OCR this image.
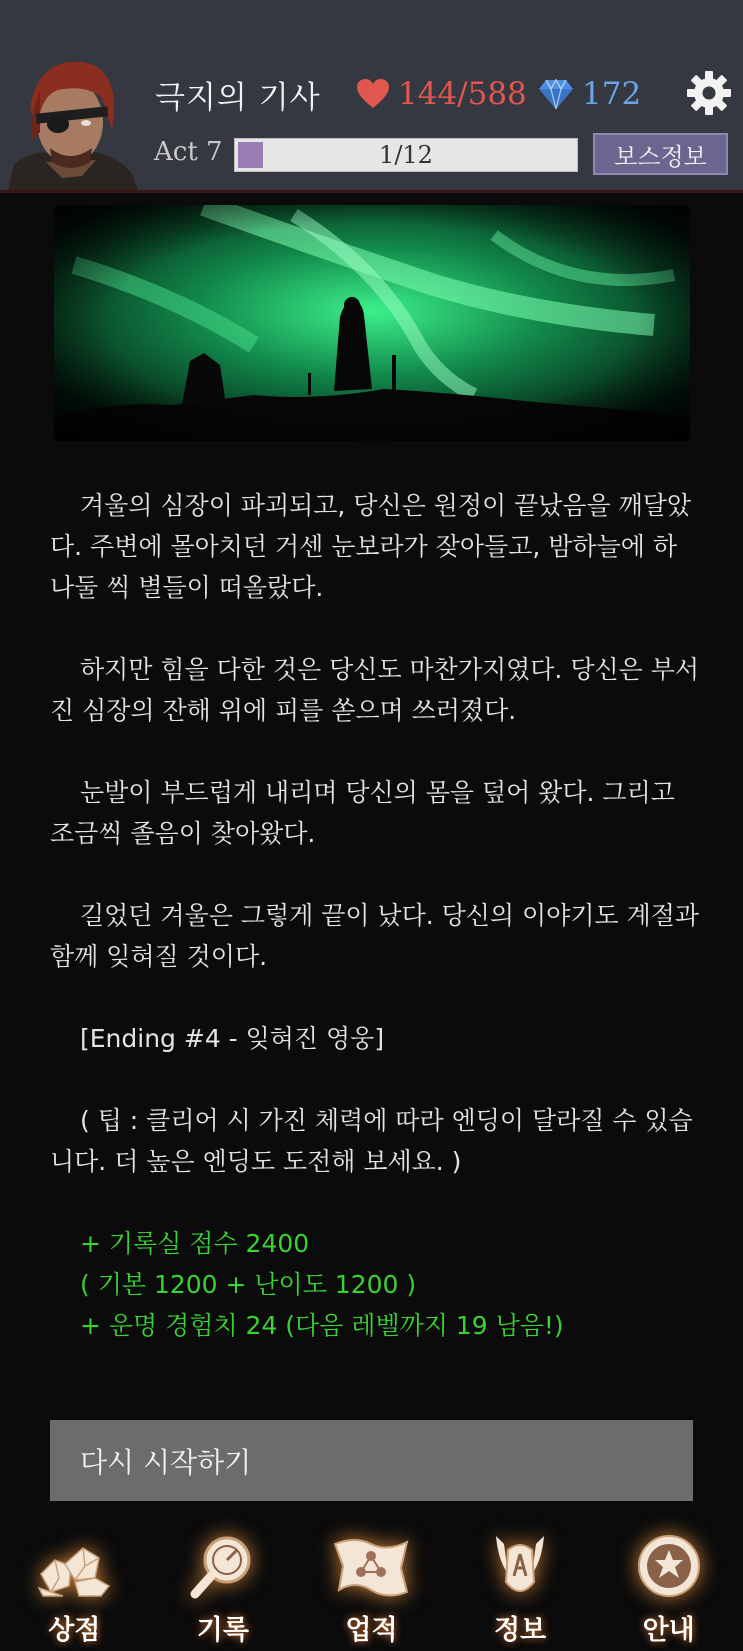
극지의 기사 144/588 172
Act 7	1/12	보스정보

겨울의 심장이 파괴되고, 당신은 원정이 끝났음을 깨달았다. 주변에 몰아치던 거센 눈보라가 잦아들고, 밤하늘에 하나둘 씩 별들이 떠올랐다.

하지만 힘을 다한 것은 당신도 마찬가지였다. 당신은 부서진 심장의 잔해 위에 피를 쏟으며 쓰러졌다.

눈발이 부드럽게 내리며 당신의 몸을 덮어 왔다. 그리고 조금씩 졸음이 찾아왔다.

길었던 겨울은 그렇게 끝이 났다. 당신의 이야기도 계절과 함께 잊혀질 것이다.

[Ending #4 - 잊혀진 영웅]

( 팁 : 클리어 시 가진 체력에 따라 엔딩이 달라질 수 있습니다. 더 높은 엔딩도 도전해 보세요. )

+ 기록실 점수 2400
( 기본 1200 + 난이도 1200 )
+ 운명 경험치 24 (다음 레벨까지 19 남음!)
다시 시작하기
상점	기록	업적	정보	안내
